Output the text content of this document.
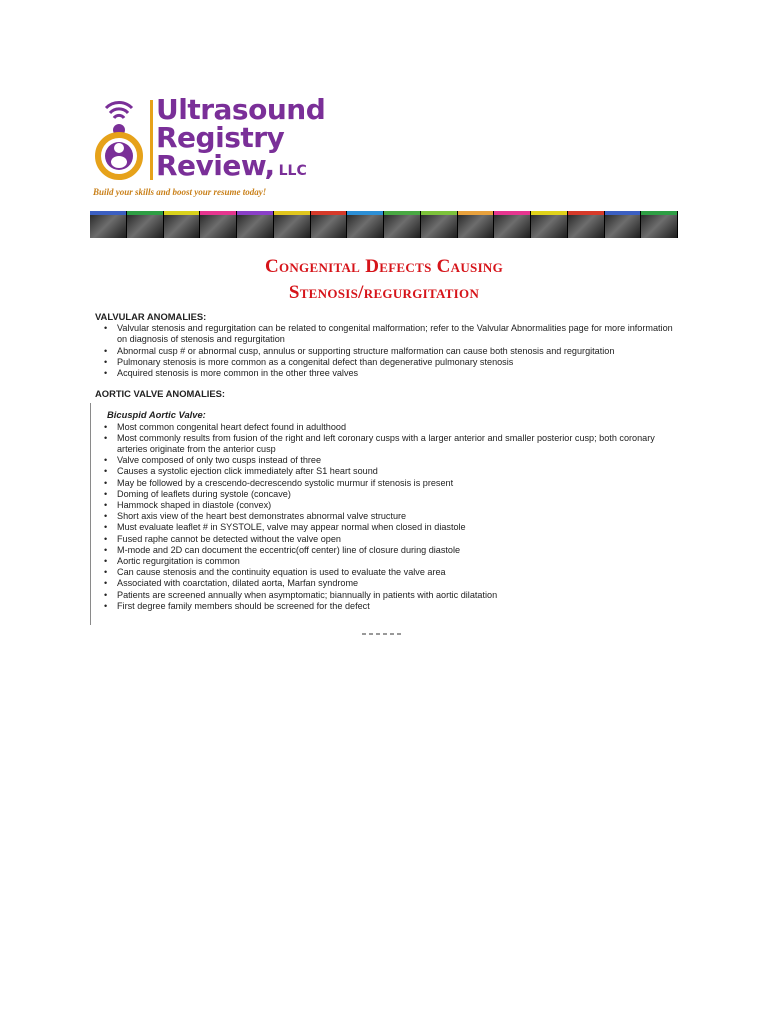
Ultrasound
Registry
Review, LLC
Build your skills and boost your resume today!
Congenital Defects Causing
Stenosis/regurgitation
VALVULAR ANOMALIES:
• Valvular stenosis and regurgitation can be related to congenital malformation; refer to the Valvular Abnormalities page for more information on diagnosis of stenosis and regurgitation
• Abnormal cusp # or abnormal cusp, annulus or supporting structure malformation can cause both stenosis and regurgitation
• Pulmonary stenosis is more common as a congenital defect than degenerative pulmonary stenosis
• Acquired stenosis is more common in the other three valves
AORTIC VALVE ANOMALIES:
Bicuspid Aortic Valve:
• Most common congenital heart defect found in adulthood
• Most commonly results from fusion of the right and left coronary cusps with a larger anterior and smaller posterior cusp; both coronary arteries originate from the anterior cusp
• Valve composed of only two cusps instead of three
• Causes a systolic ejection click immediately after S1 heart sound
• May be followed by a crescendo-decrescendo systolic murmur if stenosis is present
• Doming of leaflets during systole (concave)
• Hammock shaped in diastole (convex)
• Short axis view of the heart best demonstrates abnormal valve structure
• Must evaluate leaflet # in SYSTOLE, valve may appear normal when closed in diastole
• Fused raphe cannot be detected without the valve open
• M-mode and 2D can document the eccentric(off center) line of closure during diastole
• Aortic regurgitation is common
• Can cause stenosis and the continuity equation is used to evaluate the valve area
• Associated with coarctation, dilated aorta, Marfan syndrome
• Patients are screened annually when asymptomatic; biannually in patients with aortic dilatation
• First degree family members should be screened for the defect
